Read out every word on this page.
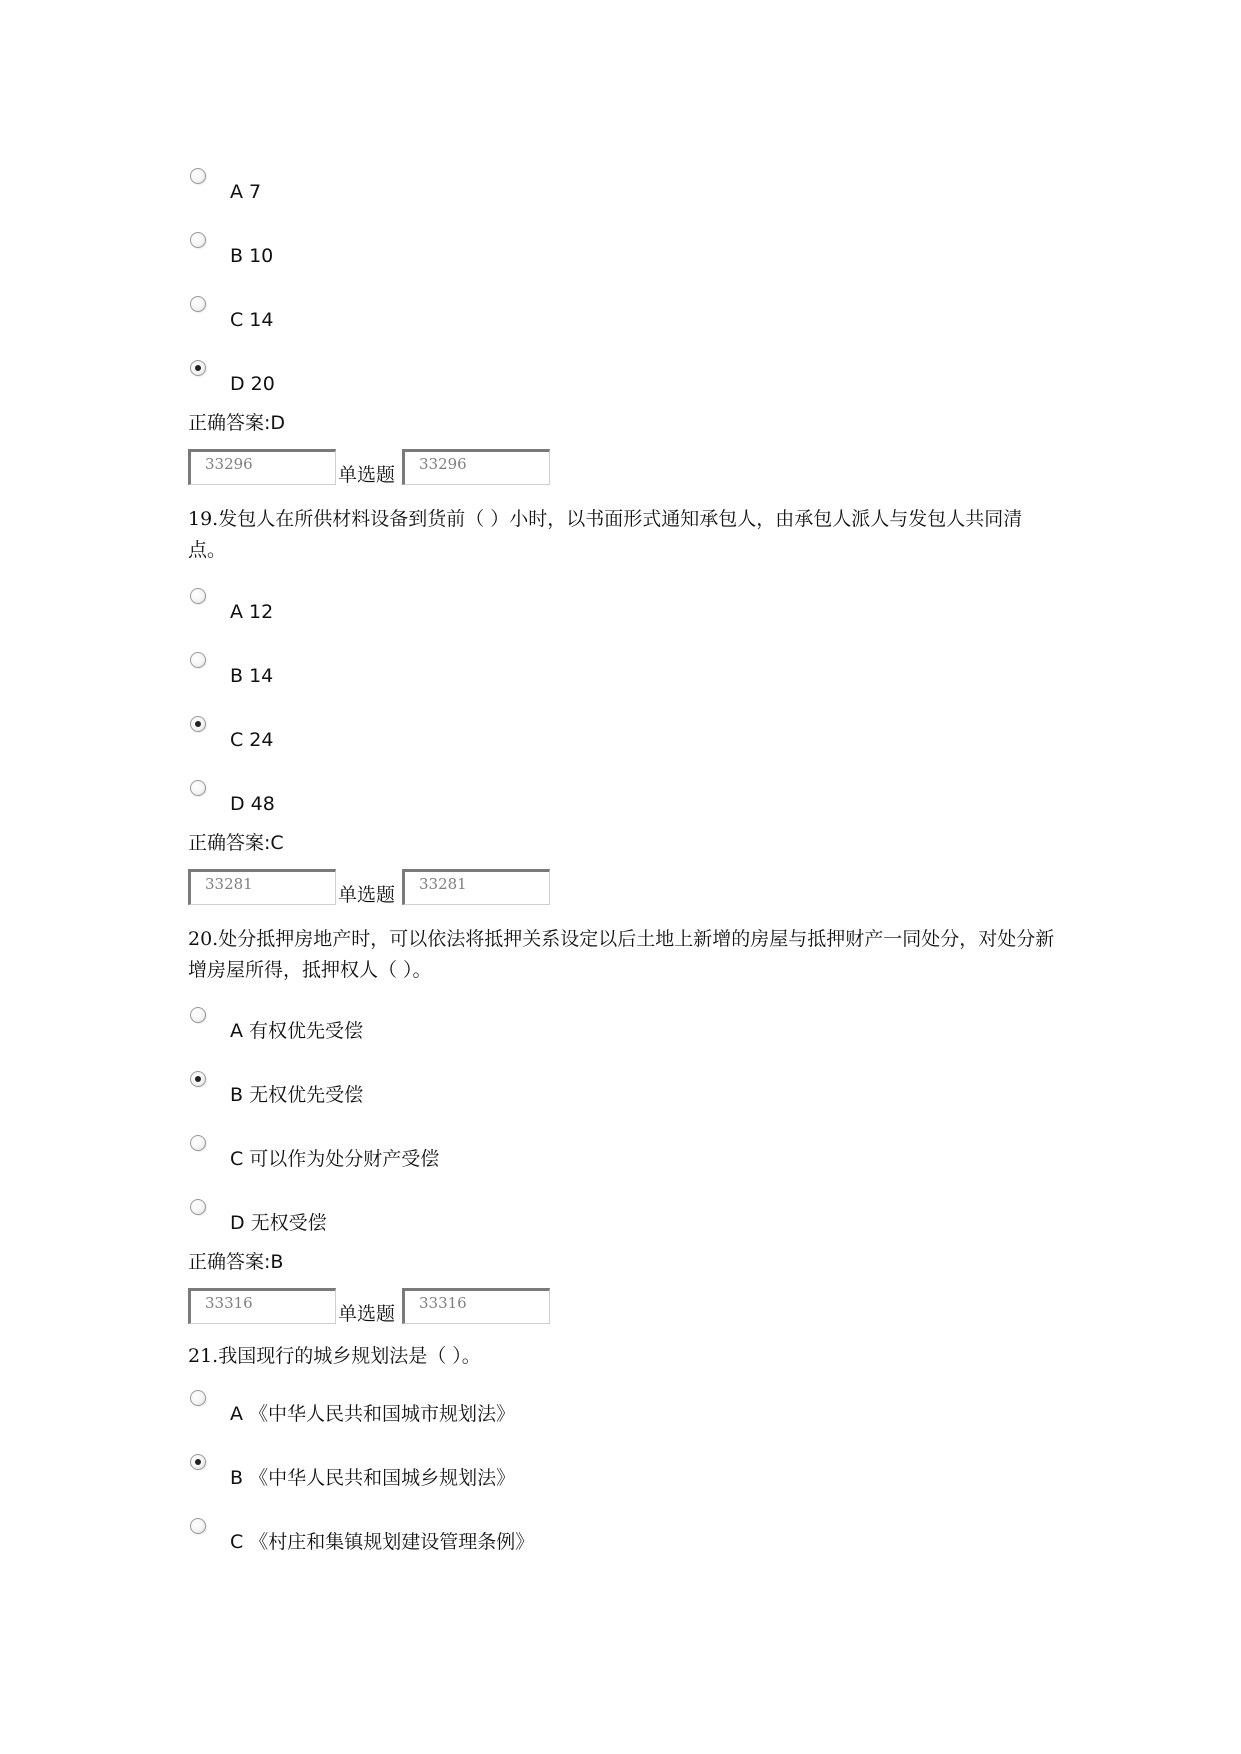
A 7
B 10
C 14
D 20
正确答案:D
33296	单选题	33296
19.发包人在所供材料设备到货前（ ）小时，以书面形式通知承包人，由承包人派人与发包人共同清点。
A 12
B 14
C 24
D 48
正确答案:C
33281	单选题	33281
20.处分抵押房地产时，可以依法将抵押关系设定以后土地上新增的房屋与抵押财产一同处分，对处分新增房屋所得，抵押权人（ ）。
A 有权优先受偿
B 无权优先受偿
C 可以作为处分财产受偿
D 无权受偿
正确答案:B
33316	单选题	33316
21.我国现行的城乡规划法是（ ）。
A 《中华人民共和国城市规划法》
B 《中华人民共和国城乡规划法》
C 《村庄和集镇规划建设管理条例》
